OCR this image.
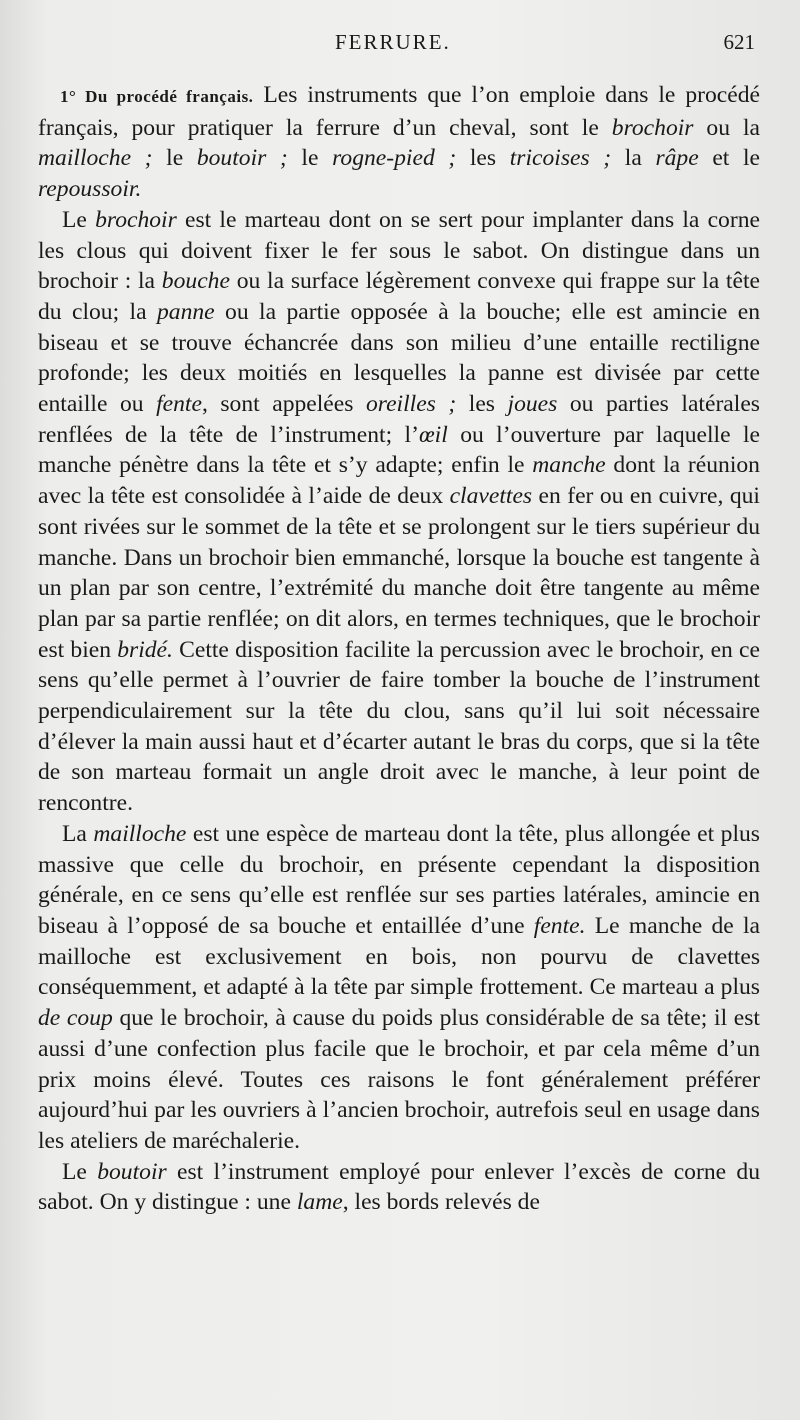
FERRURE.	621

1° Du procédé français. Les instruments que l’on emploie dans le procédé français, pour pratiquer la ferrure d’un cheval, sont le brochoir ou la mailloche ; le boutoir ; le rogne-pied ; les tricoises ; la râpe et le repoussoir.

Le brochoir est le marteau dont on se sert pour implanter dans la corne les clous qui doivent fixer le fer sous le sabot. On distingue dans un brochoir : la bouche ou la surface légèrement convexe qui frappe sur la tête du clou; la panne ou la partie opposée à la bouche; elle est amincie en biseau et se trouve échancrée dans son milieu d’une entaille rectiligne profonde; les deux moitiés en lesquelles la panne est divisée par cette entaille ou fente, sont appelées oreilles ; les joues ou parties latérales renflées de la tête de l’instrument; l’œil ou l’ouverture par laquelle le manche pénètre dans la tête et s’y adapte; enfin le manche dont la réunion avec la tête est consolidée à l’aide de deux clavettes en fer ou en cuivre, qui sont rivées sur le sommet de la tête et se prolongent sur le tiers supérieur du manche. Dans un brochoir bien emmanché, lorsque la bouche est tangente à un plan par son centre, l’extrémité du manche doit être tangente au même plan par sa partie renflée; on dit alors, en termes techniques, que le brochoir est bien bridé. Cette disposition facilite la percussion avec le brochoir, en ce sens qu’elle permet à l’ouvrier de faire tomber la bouche de l’instrument perpendiculairement sur la tête du clou, sans qu’il lui soit nécessaire d’élever la main aussi haut et d’écarter autant le bras du corps, que si la tête de son marteau formait un angle droit avec le manche, à leur point de rencontre.

La mailloche est une espèce de marteau dont la tête, plus allongée et plus massive que celle du brochoir, en présente cependant la disposition générale, en ce sens qu’elle est renflée sur ses parties latérales, amincie en biseau à l’opposé de sa bouche et entaillée d’une fente. Le manche de la mailloche est exclusivement en bois, non pourvu de clavettes conséquemment, et adapté à la tête par simple frottement. Ce marteau a plus de coup que le brochoir, à cause du poids plus considérable de sa tête; il est aussi d’une confection plus facile que le brochoir, et par cela même d’un prix moins élevé. Toutes ces raisons le font généralement préférer aujourd’hui par les ouvriers à l’ancien brochoir, autrefois seul en usage dans les ateliers de maréchalerie.

Le boutoir est l’instrument employé pour enlever l’excès de corne du sabot. On y distingue : une lame, les bords relevés de
